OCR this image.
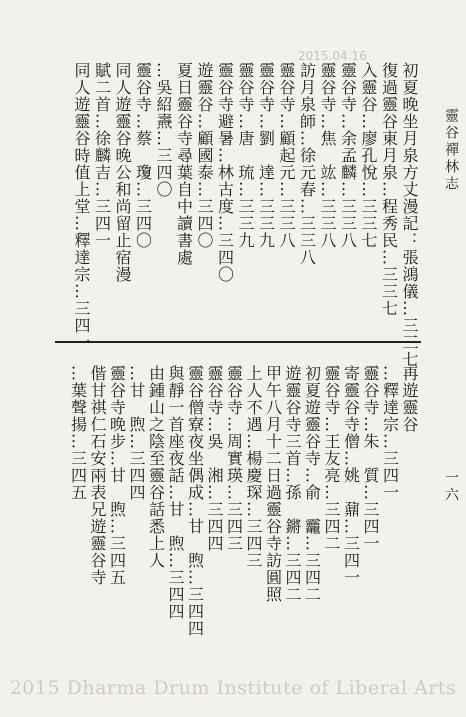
2015.04.16
靈谷禪林志
一六
初夏晚坐月泉方丈漫記：張鴻儀…三三七
復過靈谷東月泉…程秀民…三三七
入靈谷…廖孔悅…三三七
靈谷寺…余孟麟…三三八
靈谷寺…焦　竑…三三八
訪月泉師…徐元春…三三八
靈谷寺…顧起元…三三八
靈谷寺…劉　達…三三九
靈谷寺…唐　琉…三三九
靈谷寺避暑…林古度…三四〇
遊靈谷…顧國泰…三四〇
夏日靈谷寺尋葉自中讀書處
…吳紹燾…三四〇
靈谷寺…蔡　瓊…三四〇
同人遊靈谷晚公和尚留止宿漫
賦二首…徐麟吉…三四一
同人遊靈谷時值上堂…釋達宗…三四一
再遊靈谷
…釋達宗…三四一
靈谷寺…朱　質…三四一
寄靈谷寺僧…姚　鼐…三四一
靈谷寺…王友亮…三四二
初夏遊靈谷寺…俞　龗…三四二
遊靈谷寺三首…孫　鏘…三四二
甲午八月十二日過靈谷寺訪圓照
上人不遇…楊慶琛…三四三
靈谷寺…周實瑛…三四三
靈谷寺…吳　湘…三四四
靈谷僧寮夜坐偶成…甘　煦…三四四
與靜一首座夜話…甘　煦…三四四
由鍾山之陰至靈谷話悉上人
…甘　煦…三四四
靈谷寺晚步…甘　煦…三四五
偕甘祺仁石安兩表兄遊靈谷寺
…葉聲揚…三四五
2015 Dharma Drum Institute of Liberal Arts
